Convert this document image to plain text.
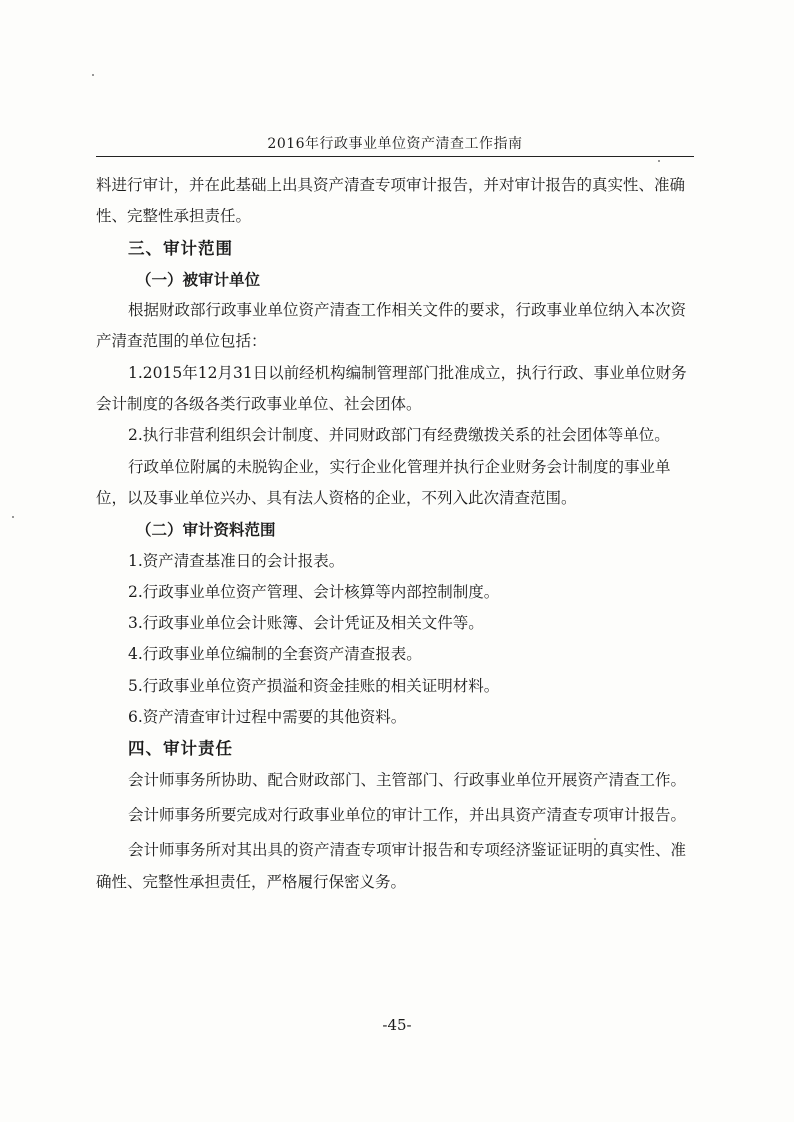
2016年行政事业单位资产清查工作指南

料进行审计，并在此基础上出具资产清查专项审计报告，并对审计报告的真实性、准确性、完整性承担责任。

三、审计范围

（一）被审计单位

根据财政部行政事业单位资产清查工作相关文件的要求，行政事业单位纳入本次资产清查范围的单位包括：

1.2015年12月31日以前经机构编制管理部门批准成立，执行行政、事业单位财务会计制度的各级各类行政事业单位、社会团体。

2.执行非营利组织会计制度、并同财政部门有经费缴拨关系的社会团体等单位。

行政单位附属的未脱钩企业，实行企业化管理并执行企业财务会计制度的事业单位，以及事业单位兴办、具有法人资格的企业，不列入此次清查范围。

（二）审计资料范围

1.资产清查基准日的会计报表。

2.行政事业单位资产管理、会计核算等内部控制制度。

3.行政事业单位会计账簿、会计凭证及相关文件等。

4.行政事业单位编制的全套资产清查报表。

5.行政事业单位资产损溢和资金挂账的相关证明材料。

6.资产清查审计过程中需要的其他资料。

四、审计责任

会计师事务所协助、配合财政部门、主管部门、行政事业单位开展资产清查工作。

会计师事务所要完成对行政事业单位的审计工作，并出具资产清查专项审计报告。

会计师事务所对其出具的资产清查专项审计报告和专项经济鉴证证明的真实性、准确性、完整性承担责任，严格履行保密义务。

-45-
